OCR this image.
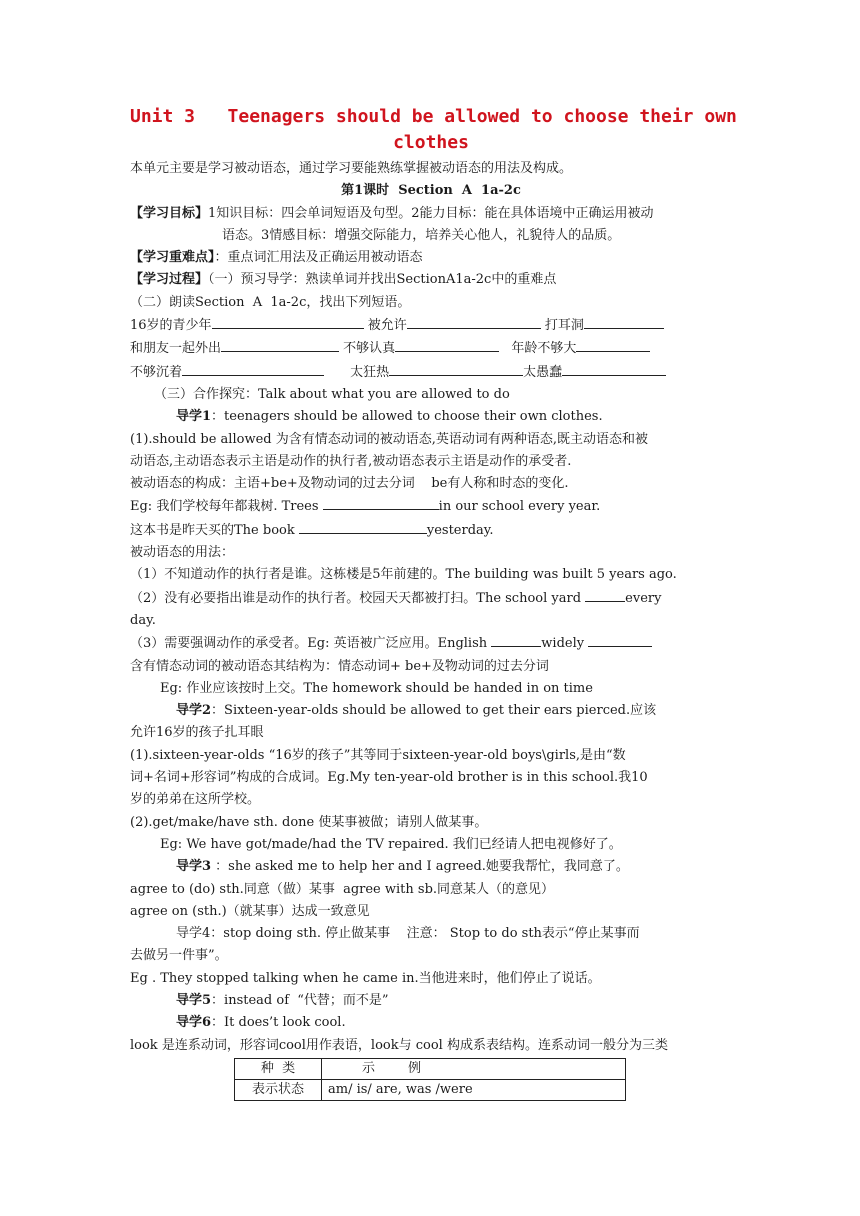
Unit 3   Teenagers should be allowed to choose their own
clothes

本单元主要是学习被动语态，通过学习要能熟练掌握被动语态的用法及构成。

第1课时  Section  A  1a-2c

【学习目标】1知识目标：四会单词短语及句型。2能力目标：能在具体语境中正确运用被动

语态。3情感目标：增强交际能力，培养关心他人，礼貌待人的品质。

【学习重难点】：重点词汇用法及正确运用被动语态

【学习过程】（一）预习导学：熟读单词并找出SectionA1a-2c中的重难点

（二）朗读Section  A  1a-2c，找出下列短语。

16岁的青少年	被允许	打耳洞

和朋友一起外出	不够认真	年龄不够大

不够沉着	太狂热	太愚蠢

（三）合作探究：Talk about what you are allowed to do

导学1：teenagers should be allowed to choose their own clothes.

(1).should be allowed 为含有情态动词的被动语态,英语动词有两种语态,既主动语态和被

动语态,主动语态表示主语是动作的执行者,被动语态表示主语是动作的承受者.

被动语态的构成：主语+be+及物动词的过去分词    be有人称和时态的变化.

Eg: 我们学校每年都栽树. Trees	in our school every year.

这本书是昨天买的The book	yesterday.

被动语态的用法：

（1）不知道动作的执行者是谁。这栋楼是5年前建的。The building was built 5 years ago.

（2）没有必要指出谁是动作的执行者。校园天天都被打扫。The school yard	every

day.

（3）需要强调动作的承受者。Eg: 英语被广泛应用。English	widely

含有情态动词的被动语态其结构为：情态动词+ be+及物动词的过去分词

Eg: 作业应该按时上交。The homework should be handed in on time

导学2：Sixteen-year-olds should be allowed to get their ears pierced.应该

允许16岁的孩子扎耳眼

(1).sixteen-year-olds “16岁的孩子”其等同于sixteen-year-old boys\girls,是由“数

词+名词+形容词”构成的合成词。Eg.My ten-year-old brother is in this school.我10

岁的弟弟在这所学校。

(2).get/make/have sth. done 使某事被做；请别人做某事。

Eg: We have got/made/had the TV repaired. 我们已经请人把电视修好了。

导学3 ：she asked me to help her and I agreed.她要我帮忙，我同意了。

agree to (do) sth.同意（做）某事  agree with sb.同意某人（的意见）

agree on (sth.)（就某事）达成一致意见

导学4：stop doing sth. 停止做某事    注意： Stop to do sth表示“停止某事而

去做另一件事”。

Eg . They stopped talking when he came in.当他进来时，他们停止了说话。

导学5：instead of  “代替；而不是”

导学6：It does’t look cool.

look 是连系动词，形容词cool用作表语，look与 cool 构成系表结构。连系动词一般分为三类

种  类	示        例
表示状态	am/ is/ are, was /were
